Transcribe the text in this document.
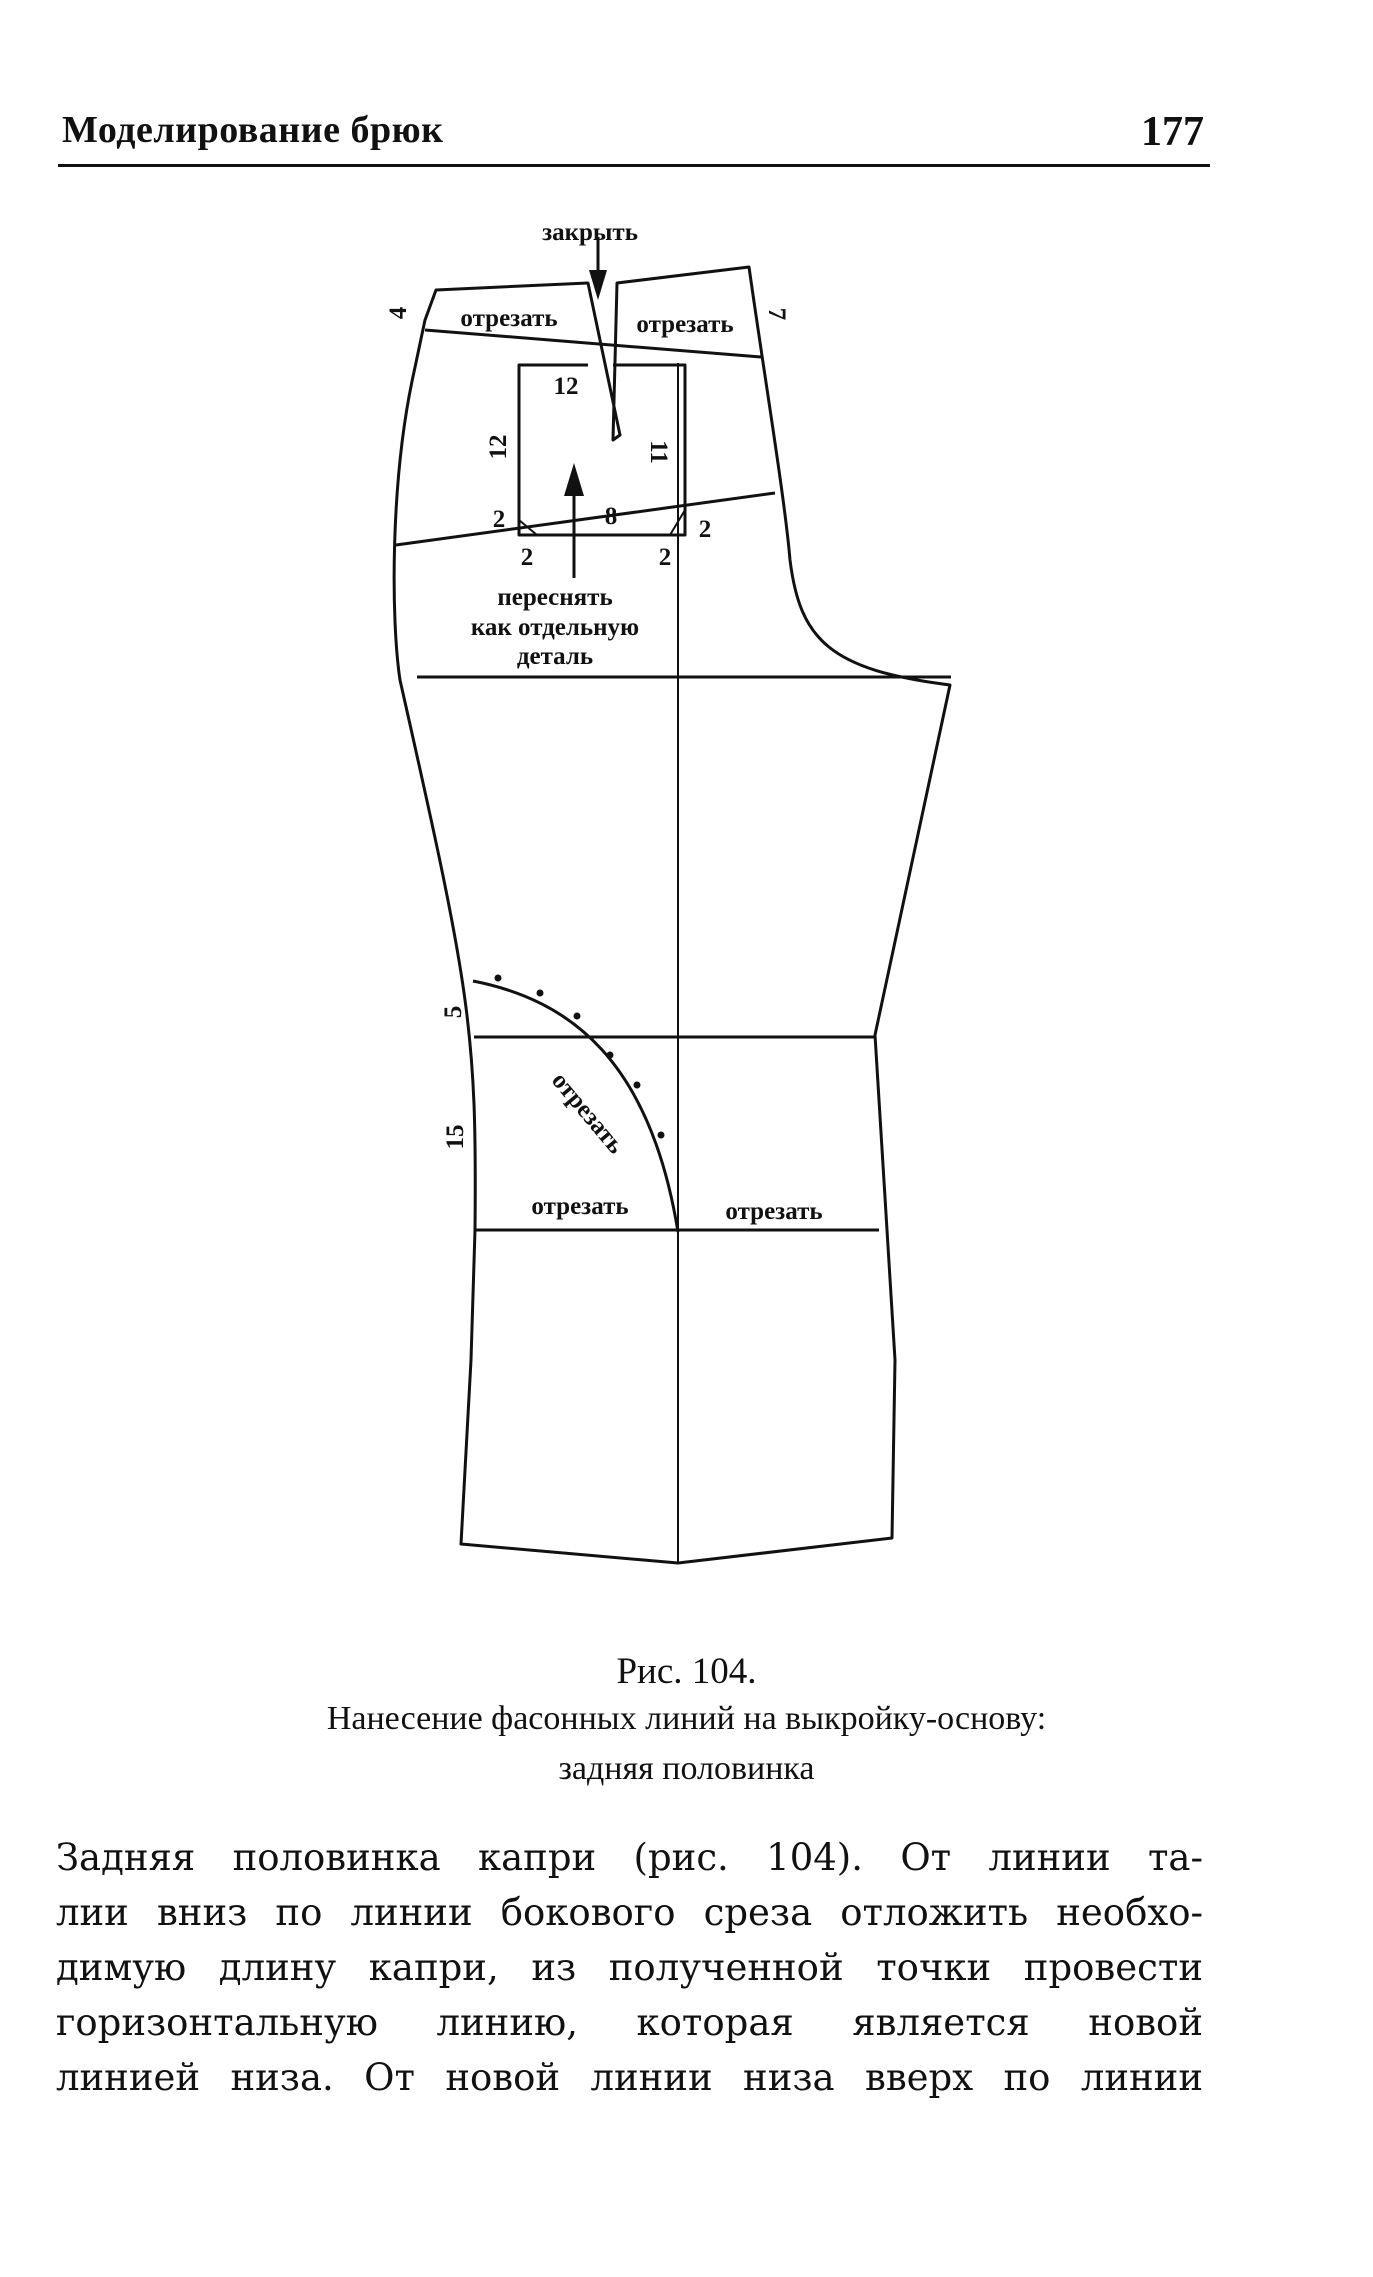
Моделирование брюк	177
закрыть
отрезать	отрезать
отрезать
отрезать	отрезать
переснять
как отдельную
деталь
4	7
12
12	11
8
2	2
2	2
5
15
Рис. 104.
Нанесение фасонных линий на выкройку-основу:
задняя половинка
Задняя половинка капри (рис. 104). От линии та-
лии вниз по линии бокового среза отложить необхо-
димую длину капри, из полученной точки провести
горизонтальную линию, которая является новой
линией низа. От новой линии низа вверх по линии
